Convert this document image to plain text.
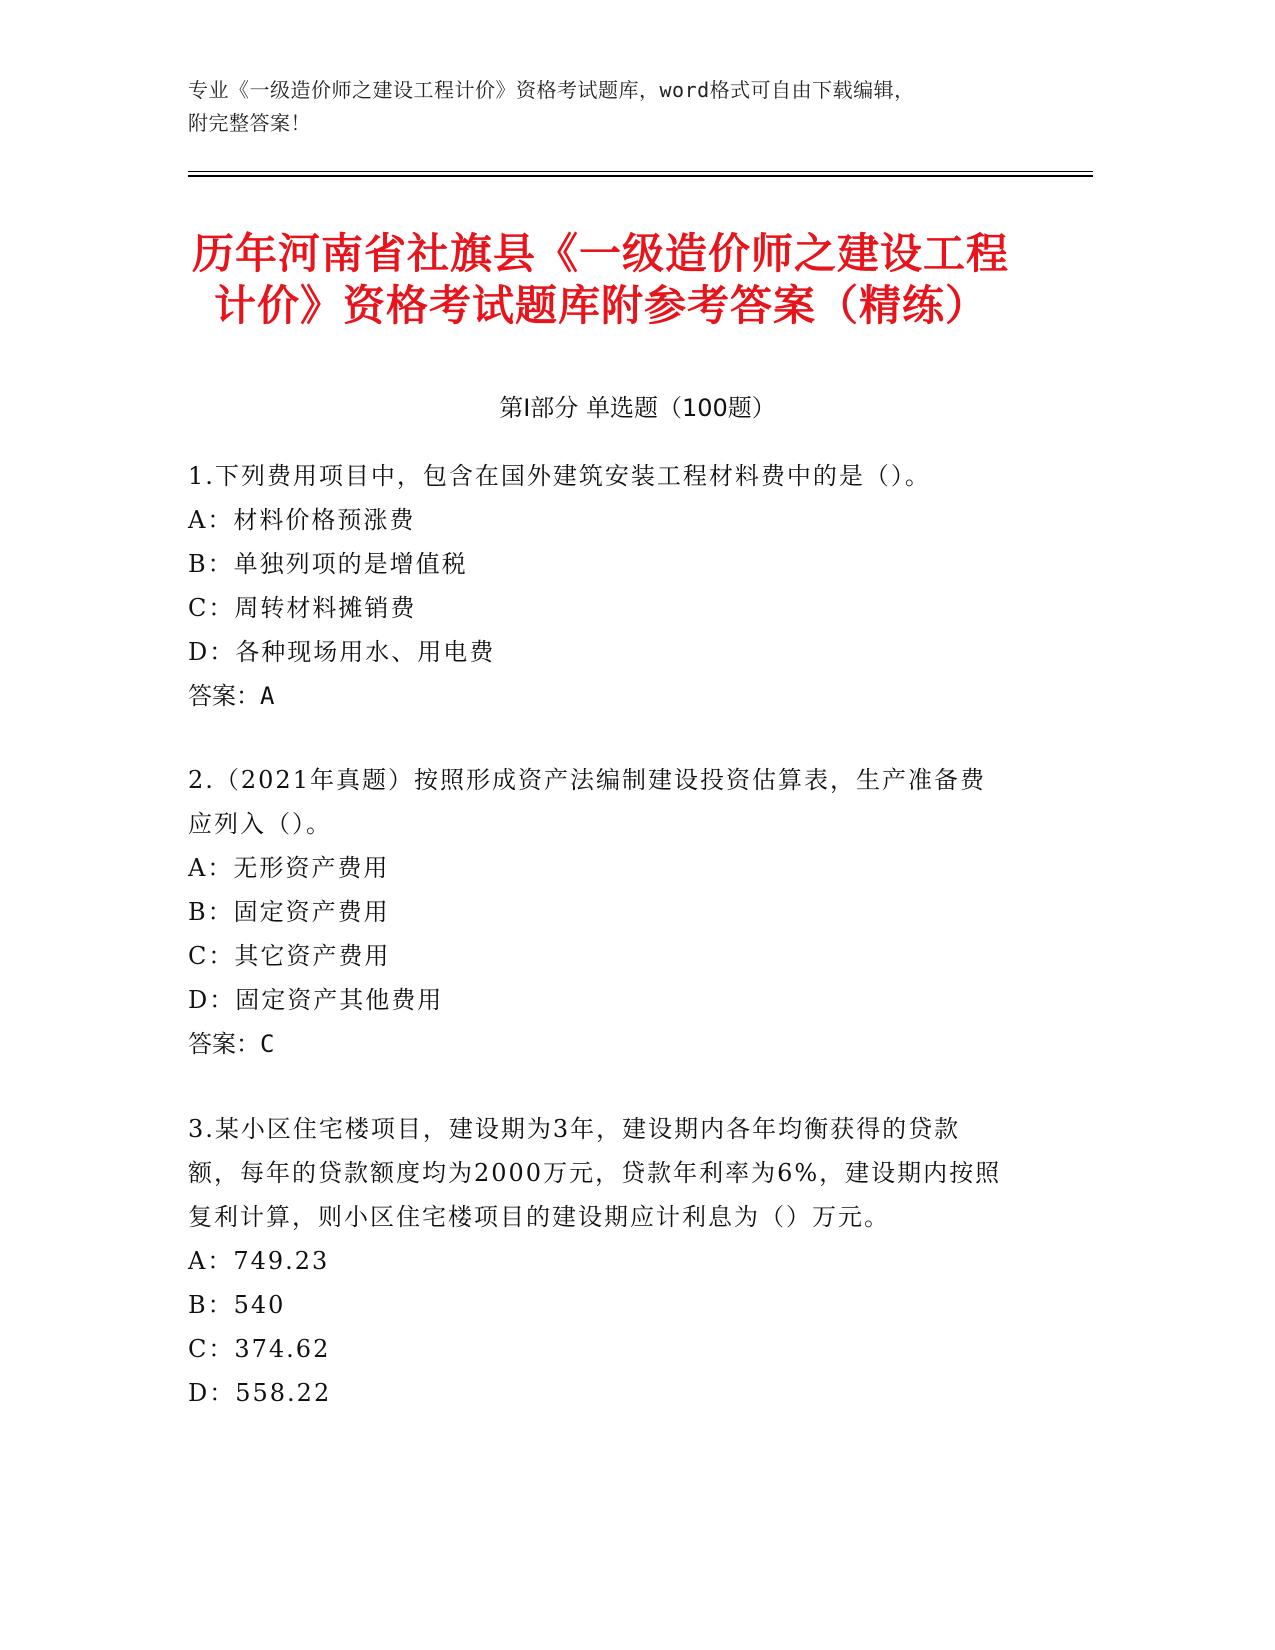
专业《一级造价师之建设工程计价》资格考试题库，word格式可自由下载编辑，
附完整答案！
历年河南省社旗县《一级造价师之建设工程
计价》资格考试题库附参考答案（精练）
第Ⅰ部分 单选题（100题）
1.下列费用项目中，包含在国外建筑安装工程材料费中的是（）。
A：材料价格预涨费
B：单独列项的是增值税
C：周转材料摊销费
D：各种现场用水、用电费
答案：A
2.（2021年真题）按照形成资产法编制建设投资估算表，生产准备费
应列入（）。
A：无形资产费用
B：固定资产费用
C：其它资产费用
D：固定资产其他费用
答案：C
3.某小区住宅楼项目，建设期为3年，建设期内各年均衡获得的贷款
额，每年的贷款额度均为2000万元，贷款年利率为6%，建设期内按照
复利计算，则小区住宅楼项目的建设期应计利息为（）万元。
A：749.23
B：540
C：374.62
D：558.22
